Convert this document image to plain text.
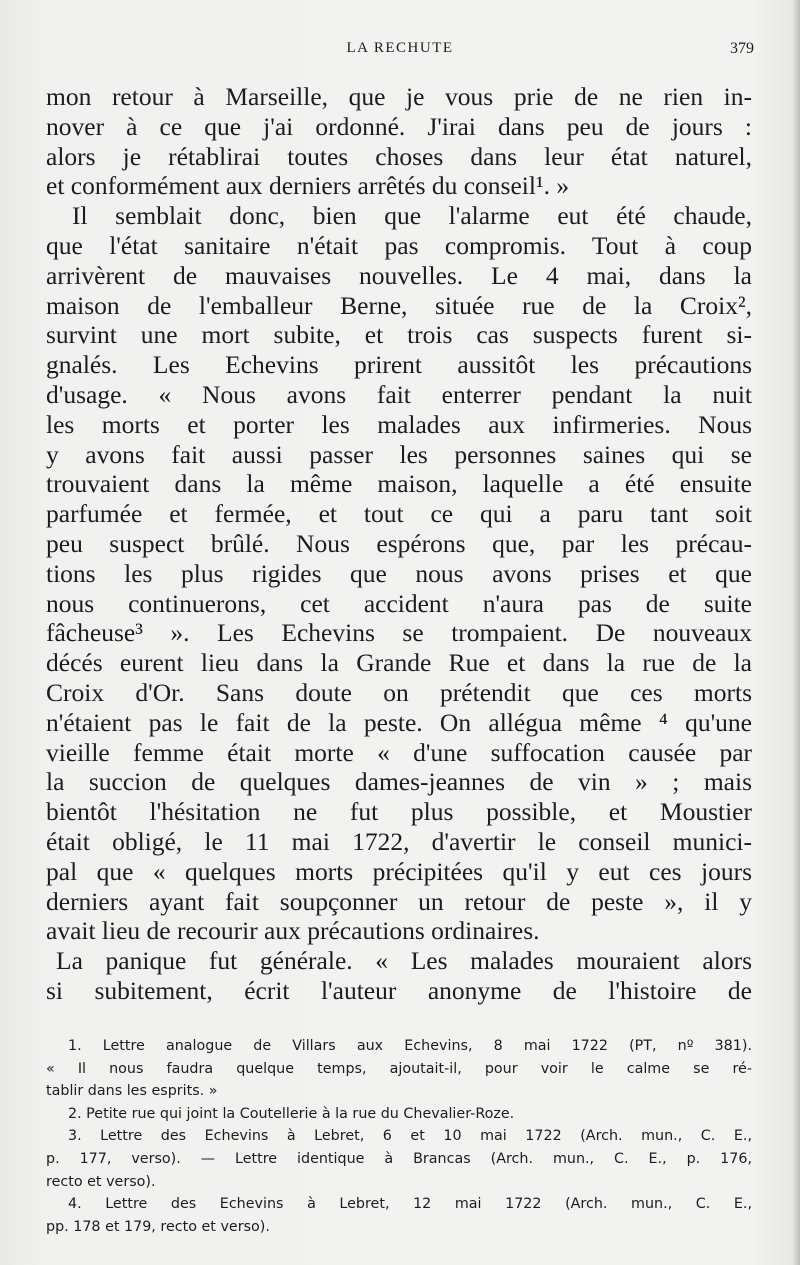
LA RECHUTE	379
mon retour à Marseille, que je vous prie de ne rien in-
nover à ce que j'ai ordonné. J'irai dans peu de jours :
alors je rétablirai toutes choses dans leur état naturel,
et conformément aux derniers arrêtés du conseil¹. »
Il semblait donc, bien que l'alarme eut été chaude,
que l'état sanitaire n'était pas compromis. Tout à coup
arrivèrent de mauvaises nouvelles. Le 4 mai, dans la
maison de l'emballeur Berne, située rue de la Croix²,
survint une mort subite, et trois cas suspects furent si-
gnalés. Les Echevins prirent aussitôt les précautions
d'usage. « Nous avons fait enterrer pendant la nuit
les morts et porter les malades aux infirmeries. Nous
y avons fait aussi passer les personnes saines qui se
trouvaient dans la même maison, laquelle a été ensuite
parfumée et fermée, et tout ce qui a paru tant soit
peu suspect brûlé. Nous espérons que, par les précau-
tions les plus rigides que nous avons prises et que
nous continuerons, cet accident n'aura pas de suite
fâcheuse³ ». Les Echevins se trompaient. De nouveaux
décés eurent lieu dans la Grande Rue et dans la rue de la
Croix d'Or. Sans doute on prétendit que ces morts
n'étaient pas le fait de la peste. On allégua même ⁴ qu'une
vieille femme était morte « d'une suffocation causée par
la succion de quelques dames-jeannes de vin » ; mais
bientôt l'hésitation ne fut plus possible, et Moustier
était obligé, le 11 mai 1722, d'avertir le conseil munici-
pal que « quelques morts précipitées qu'il y eut ces jours
derniers ayant fait soupçonner un retour de peste », il y
avait lieu de recourir aux précautions ordinaires.
La panique fut générale. « Les malades mouraient alors
si subitement, écrit l'auteur anonyme de l'histoire de
1. Lettre analogue de Villars aux Echevins, 8 mai 1722 (PT, nº 381).
« Il nous faudra quelque temps, ajoutait-il, pour voir le calme se ré-
tablir dans les esprits. »
2. Petite rue qui joint la Coutellerie à la rue du Chevalier-Roze.
3. Lettre des Echevins à Lebret, 6 et 10 mai 1722 (Arch. mun., C. E.,
p. 177, verso). — Lettre identique à Brancas (Arch. mun., C. E., p. 176,
recto et verso).
4. Lettre des Echevins à Lebret, 12 mai 1722 (Arch. mun., C. E.,
pp. 178 et 179, recto et verso).
